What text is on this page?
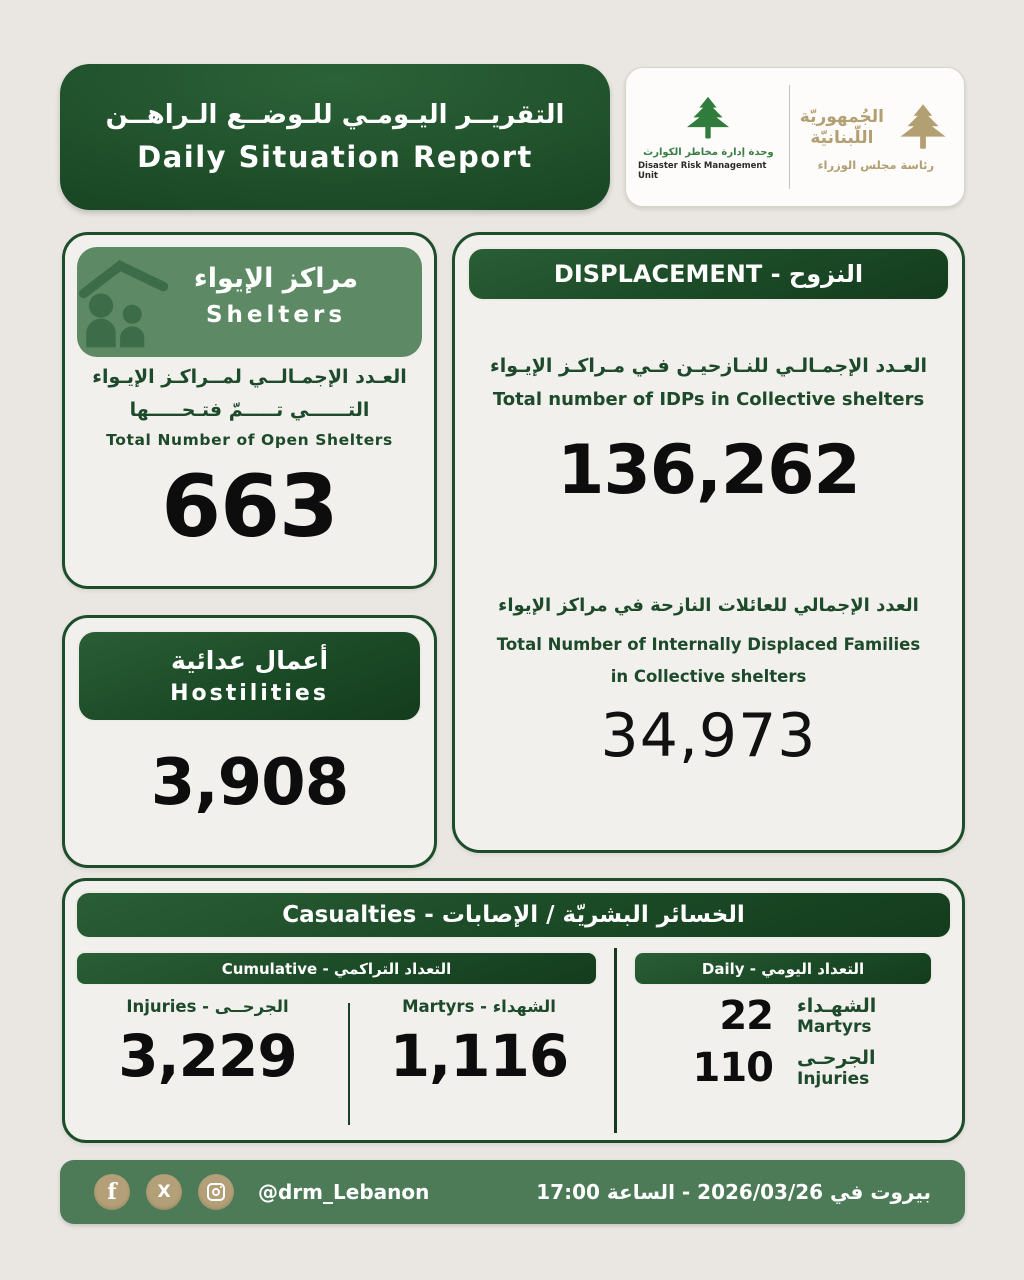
التقريــر اليـومـي للـوضــع الـراهــن
Daily Situation Report	وحدة إدارة مخاطر الكوارث
Disaster Risk Management Unit
الجُمهوريّة
اللّبنانيّة
رئاسة مجلس الوزراء
مراكز الإيواء
Shelters
العـدد الإجمـالــي لمــراكـز الإيـواء
التــــــي تـــــمّ فتـحـــــها
Total Number of Open Shelters
663
أعمال عدائية
Hostilities
3,908
النزوح - DISPLACEMENT
العـدد الإجمـالـي للنـازحيـن فـي مـراكـز الإيـواء
Total number of IDPs in Collective shelters
136,262
العدد الإجمالي للعائلات النازحة في مراكز الإيواء
Total Number of Internally Displaced Families
in Collective shelters
34,973
الخسائر البشريّة / الإصابات - Casualties
التعداد التراكمي - Cumulative	التعداد اليومي - Daily
الجرحــى - Injuries
3,229
الشهداء - Martyrs
1,116
22 الشهـداء
Martyrs
110 الجرحـى
Injuries
f X	@drm_Lebanon	بيروت في 2026/03/26 - الساعة 17:00
